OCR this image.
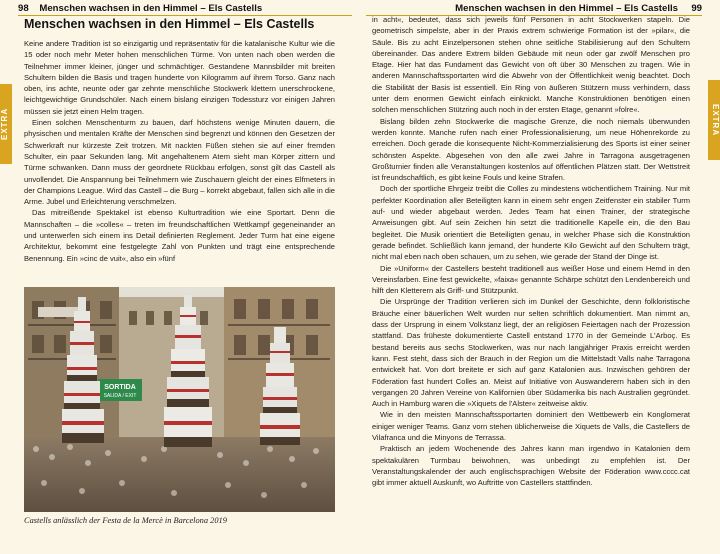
98 Menschen wachsen in den Himmel – Els Castells
EXTRA
Menschen wachsen in den Himmel – Els Castells

Keine andere Tradition ist so einzigartig und repräsentativ für die katalanische Kultur wie die 15 oder noch mehr Meter hohen menschlichen Türme. Von unten nach oben werden die Teilnehmer immer kleiner, jünger und schmächtiger. Gestandene Mannsbilder mit breiten Schultern bilden die Basis und tragen hunderte von Kilogramm auf ihrem Torso. Ganz nach oben, ins achte, neunte oder gar zehnte menschliche Stockwerk klettern unerschrockene, leichtgewichtige Grundschüler. Nach einem bislang einzigen Todessturz vor einigen Jahren müssen sie jetzt einen Helm tragen.

Einen solchen Menschenturm zu bauen, darf höchstens wenige Minuten dauern, die physischen und mentalen Kräfte der Menschen sind begrenzt und können den Gesetzen der Schwerkraft nur kürzeste Zeit trotzen. Mit nackten Füßen stehen sie auf einer fremden Schulter, ein paar Sekunden lang. Mit angehaltenem Atem sieht man Körper zittern und Türme schwanken. Dann muss der geordnete Rückbau erfolgen, sonst gilt das Castell als unvollendet. Die Anspannung bei Teilnehmern wie Zuschauern gleicht der eines Elfmeters in der Champions League. Wird das Castell – die Burg – korrekt abgebaut, fallen sich alle in die Arme. Jubel und Erleichterung verschmelzen.

Das mitreißende Spektakel ist ebenso Kulturtradition wie eine Sportart. Denn die Mannschaften – die »colles« – treten im freundschaftlichen Wettkampf gegeneinander an und unterwerfen sich einem ins Detail definierten Reglement. Jeder Turm hat eine eigene Architektur, bekommt eine festgelegte Zahl von Punkten und trägt eine entsprechende Benennung. Ein »cinc de vuit«, also ein »fünf

SORTIDA
SALIDA / EXIT
Castells anlässlich der Festa de la Mercè in Barcelona 2019
Menschen wachsen in den Himmel – Els Castells 99
EXTRA

in acht«, bedeutet, dass sich jeweils fünf Personen in acht Stockwerken stapeln. Die geometrisch simpelste, aber in der Praxis extrem schwierige Formation ist der »pilar«, die Säule. Bis zu acht Einzelpersonen stehen ohne seitliche Stabilisierung auf den Schultern übereinander. Das andere Extrem bilden Gebäude mit neun oder gar zwölf Menschen pro Etage. Hier hat das Fundament das Gewicht von oft über 30 Menschen zu tragen. Wie in anderen Mannschaftssportarten wird die Abwehr von der Öffentlichkeit wenig beachtet. Doch die Stabilität der Basis ist essentiell. Ein Ring von äußeren Stützern muss verhindern, dass unter dem enormen Gewicht einfach einknickt. Manche Konstruktionen benötigen einen solchen menschlichen Stützring auch noch in der ersten Etage, genannt »folre«.

Bislang bilden zehn Stockwerke die magische Grenze, die noch niemals überwunden werden konnte. Manche rufen nach einer Professionalisierung, um neue Höhenrekorde zu erreichen. Doch gerade die konsequente Nicht-Kommerzialisierung des Sports ist einer seiner schönsten Aspekte. Abgesehen von den alle zwei Jahre in Tarragona ausgetragenen Großturnier finden alle Veranstaltungen kostenlos auf öffentlichen Plätzen statt. Der Wettstreit ist freundschaftlich, es gibt keine Fouls und keine Strafen.

Doch der sportliche Ehrgeiz treibt die Colles zu mindestens wöchentlichem Training. Nur mit perfekter Koordination aller Beteiligten kann in einem sehr engen Zeitfenster ein stabiler Turm auf- und wieder abgebaut werden. Jedes Team hat einen Trainer, der strategische Anweisungen gibt. Auf sein Zeichen hin setzt die traditionelle Kapelle ein, die den Bau begleitet. Die Musik orientiert die Beteiligten genau, in welcher Phase sich die Konstruktion gerade befindet. Schließlich kann jemand, der hunderte Kilo Gewicht auf den Schultern trägt, nicht mal eben nach oben schauen, um zu sehen, wie gerade der Stand der Dinge ist.

Die »Uniform« der Castellers besteht traditionell aus weißer Hose und einem Hemd in den Vereinsfarben. Eine fest gewickelte, »faixa« genannte Schärpe schützt den Lendenbereich und hilft den Kletterern als Griff- und Stützpunkt.

Die Ursprünge der Tradition verlieren sich im Dunkel der Geschichte, denn folkloristische Bräuche einer bäuerlichen Welt wurden nur selten schriftlich dokumentiert. Man nimmt an, dass der Ursprung in einem Volkstanz liegt, der an religiösen Feiertagen nach der Prozession stattfand. Das früheste dokumentierte Castell entstand 1770 in der Gemeinde L'Arboç. Es bestand bereits aus sechs Stockwerken, was nur nach langjähriger Praxis erreicht werden kann. Fest steht, dass sich der Brauch in der Region um die Mittelstadt Valls nahe Tarragona entwickelt hat. Von dort breitete er sich auf ganz Katalonien aus. Inzwischen gehören der Föderation fast hundert Colles an. Meist auf Initiative von Auswanderern haben sich in den vergangen 20 Jahren Vereine von Kalifornien über Südamerika bis nach Australien gegründet. Auch in Hamburg waren die »Xiquets de l'Alster« zeitweise aktiv.

Wie in den meisten Mannschaftssportarten dominiert den Wettbewerb ein Konglomerat einiger weniger Teams. Ganz vorn stehen üblicherweise die Xiquets de Valls, die Castellers de Vilafranca und die Minyons de Terrassa.

Praktisch an jedem Wochenende des Jahres kann man irgendwo in Katalonien dem spektakulären Turmbau beiwohnen, was unbedingt zu empfehlen ist. Der Veranstaltungskalender der auch englischsprachigen Website der Föderation www.cccc.cat gibt immer aktuell Auskunft, wo Auftritte von Castellers stattfinden.
